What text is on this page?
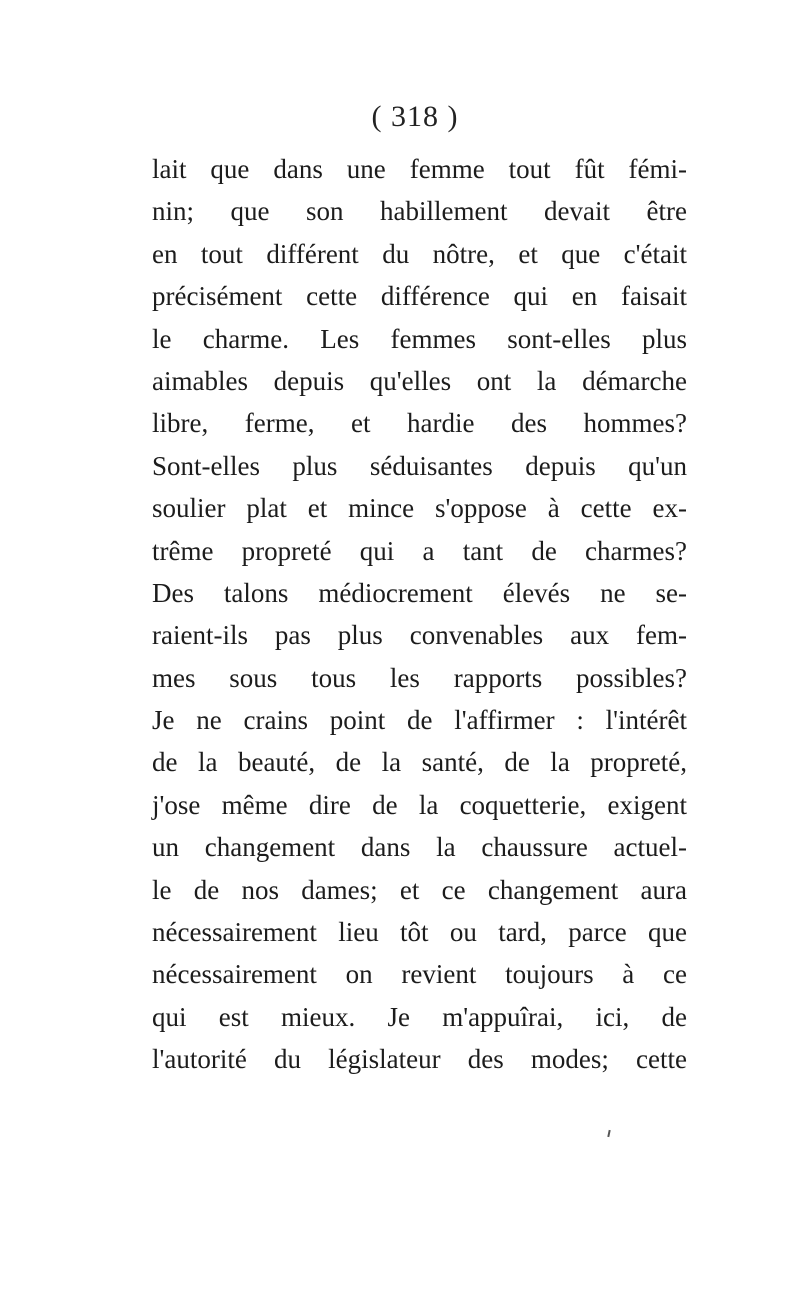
( 318 )
lait que dans une femme tout fût fémi-
nin; que son habillement devait être
en tout différent du nôtre, et que c'était
précisément cette différence qui en faisait
le charme. Les femmes sont-elles plus
aimables depuis qu'elles ont la démarche
libre, ferme, et hardie des hommes?
Sont-elles plus séduisantes depuis qu'un
soulier plat et mince s'oppose à cette ex-
trême propreté qui a tant de charmes?
Des talons médiocrement élevés ne se-
raient-ils pas plus convenables aux fem-
mes sous tous les rapports possibles?
Je ne crains point de l'affirmer : l'intérêt
de la beauté, de la santé, de la propreté,
j'ose même dire de la coquetterie, exigent
un changement dans la chaussure actuel-
le de nos dames; et ce changement aura
nécessairement lieu tôt ou tard, parce que
nécessairement on revient toujours à ce
qui est mieux. Je m'appuîrai, ici, de
l'autorité du législateur des modes; cette
